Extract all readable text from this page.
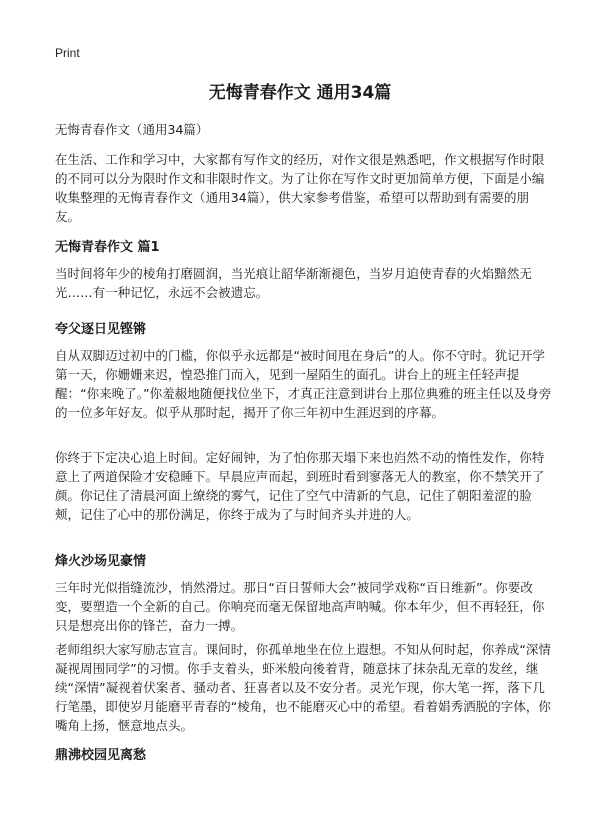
Print
无悔青春作文 通用34篇

无悔青春作文（通用34篇）

在生活、工作和学习中，大家都有写作文的经历，对作文很是熟悉吧，作文根据写作时限的不同可以分为限时作文和非限时作文。为了让你在写作文时更加简单方便，下面是小编收集整理的无悔青春作文（通用34篇），供大家参考借鉴，希望可以帮助到有需要的朋友。

无悔青春作文 篇1

当时间将年少的棱角打磨圆润，当光痕让韶华渐渐褪色，当岁月迫使青春的火焰黯然无光……有一种记忆，永远不会被遗忘。

夸父逐日见铿锵

自从双脚迈过初中的门槛，你似乎永远都是“被时间甩在身后”的人。你不守时。犹记开学第一天，你姗姗来迟，惶恐推门而入，见到一屋陌生的面孔。讲台上的班主任轻声提醒：“你来晚了。”你羞赧地随便找位坐下，才真正注意到讲台上那位典雅的班主任以及身旁的一位多年好友。似乎从那时起，揭开了你三年初中生涯迟到的序幕。

你终于下定决心追上时间。定好闹钟，为了怕你那天塌下来也岿然不动的惰性发作，你特意上了两道保险才安稳睡下。早晨应声而起，到班时看到寥落无人的教室，你不禁笑开了颜。你记住了清晨河面上缭绕的雾气，记住了空气中清新的气息，记住了朝阳羞涩的脸颊，记住了心中的那份满足，你终于成为了与时间齐头并进的人。

烽火沙场见豪情

三年时光似指缝流沙，悄然滑过。那日“百日誓师大会”被同学戏称“百日维新”。你要改变，要塑造一个全新的自己。你响亮而毫无保留地高声呐喊。你本年少，但不再轻狂，你只是想亮出你的锋芒，奋力一搏。

老师组织大家写励志宣言。课间时，你孤单地坐在位上遐想。不知从何时起，你养成“深情凝视周围同学”的习惯。你手支着头，虾米般向後着背，随意抹了抹杂乱无章的发丝，继续“深情”凝视着伏案者、骚动者、狂喜者以及不安分者。灵光乍现，你大笔一挥，落下几行笔墨，即使岁月能磨平青春的“棱角，也不能磨灭心中的希望。看着娟秀洒脱的字体，你嘴角上扬，惬意地点头。

鼎沸校园见离愁
